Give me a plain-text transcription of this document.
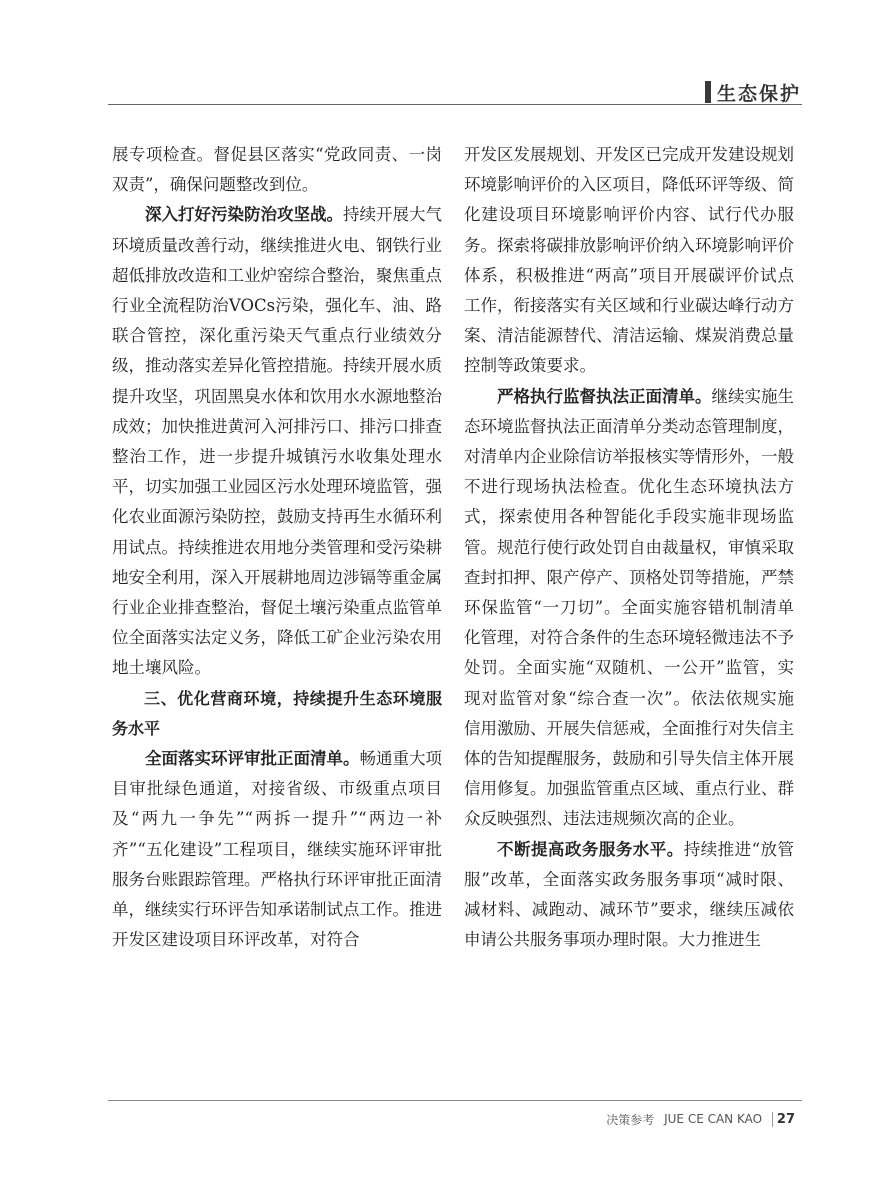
生态保护

展专项检查。督促县区落实“党政同责、一岗双责”，确保问题整改到位。

深入打好污染防治攻坚战。持续开展大气环境质量改善行动，继续推进火电、钢铁行业超低排放改造和工业炉窑综合整治，聚焦重点行业全流程防治VOCs污染，强化车、油、路联合管控，深化重污染天气重点行业绩效分级，推动落实差异化管控措施。持续开展水质提升攻坚，巩固黑臭水体和饮用水水源地整治成效；加快推进黄河入河排污口、排污口排查整治工作，进一步提升城镇污水收集处理水平，切实加强工业园区污水处理环境监管，强化农业面源污染防控，鼓励支持再生水循环利用试点。持续推进农用地分类管理和受污染耕地安全利用，深入开展耕地周边涉镉等重金属行业企业排查整治，督促土壤污染重点监管单位全面落实法定义务，降低工矿企业污染农用地土壤风险。

三、优化营商环境，持续提升生态环境服务水平

全面落实环评审批正面清单。畅通重大项目审批绿色通道，对接省级、市级重点项目及“两九一争先”“两拆一提升”“两边一补齐”“五化建设”工程项目，继续实施环评审批服务台账跟踪管理。严格执行环评审批正面清单，继续实行环评告知承诺制试点工作。推进开发区建设项目环评改革，对符合

开发区发展规划、开发区已完成开发建设规划环境影响评价的入区项目，降低环评等级、简化建设项目环境影响评价内容、试行代办服务。探索将碳排放影响评价纳入环境影响评价体系，积极推进“两高”项目开展碳评价试点工作，衔接落实有关区域和行业碳达峰行动方案、清洁能源替代、清洁运输、煤炭消费总量控制等政策要求。

严格执行监督执法正面清单。继续实施生态环境监督执法正面清单分类动态管理制度，对清单内企业除信访举报核实等情形外，一般不进行现场执法检查。优化生态环境执法方式，探索使用各种智能化手段实施非现场监管。规范行使行政处罚自由裁量权，审慎采取查封扣押、限产停产、顶格处罚等措施，严禁环保监管“一刀切”。全面实施容错机制清单化管理，对符合条件的生态环境轻微违法不予处罚。全面实施“双随机、一公开”监管，实现对监管对象“综合查一次”。依法依规实施信用激励、开展失信惩戒，全面推行对失信主体的告知提醒服务，鼓励和引导失信主体开展信用修复。加强监管重点区域、重点行业、群众反映强烈、违法违规频次高的企业。

不断提高政务服务水平。持续推进“放管服”改革，全面落实政务服务事项“减时限、减材料、减跑动、减环节”要求，继续压减依申请公共服务事项办理时限。大力推进生

决策参考
JUE CE CAN KAO
	27
